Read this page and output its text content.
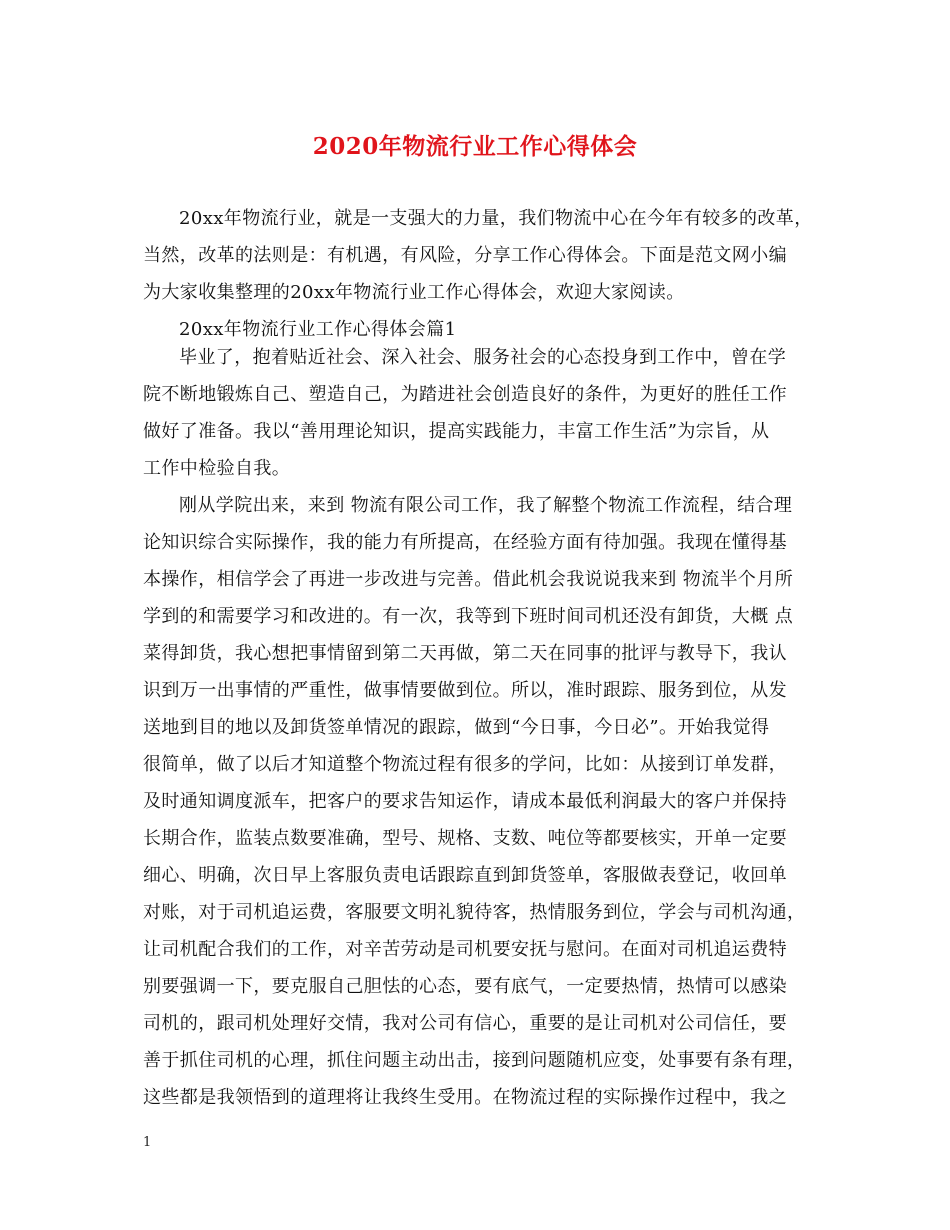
2020年物流行业工作心得体会
20xx年物流行业，就是一支强大的力量，我们物流中心在今年有较多的改革，
当然，改革的法则是：有机遇，有风险，分享工作心得体会。下面是范文网小编
为大家收集整理的20xx年物流行业工作心得体会，欢迎大家阅读。
20xx年物流行业工作心得体会篇1
毕业了，抱着贴近社会、深入社会、服务社会的心态投身到工作中，曾在学
院不断地锻炼自己、塑造自己，为踏进社会创造良好的条件，为更好的胜任工作
做好了准备。我以“善用理论知识，提高实践能力，丰富工作生活”为宗旨，从
工作中检验自我。
刚从学院出来，来到 物流有限公司工作，我了解整个物流工作流程，结合理
论知识综合实际操作，我的能力有所提高，在经验方面有待加强。我现在懂得基
本操作，相信学会了再进一步改进与完善。借此机会我说说我来到 物流半个月所
学到的和需要学习和改进的。有一次，我等到下班时间司机还没有卸货，大概 点
菜得卸货，我心想把事情留到第二天再做，第二天在同事的批评与教导下，我认
识到万一出事情的严重性，做事情要做到位。所以，准时跟踪、服务到位，从发
送地到目的地以及卸货签单情况的跟踪，做到“今日事，今日必”。开始我觉得
很简单，做了以后才知道整个物流过程有很多的学问，比如：从接到订单发群，
及时通知调度派车，把客户的要求告知运作，请成本最低利润最大的客户并保持
长期合作，监装点数要准确，型号、规格、支数、吨位等都要核实，开单一定要
细心、明确，次日早上客服负责电话跟踪直到卸货签单，客服做表登记，收回单
对账，对于司机追运费，客服要文明礼貌待客，热情服务到位，学会与司机沟通，
让司机配合我们的工作，对辛苦劳动是司机要安抚与慰问。在面对司机追运费特
别要强调一下，要克服自己胆怯的心态，要有底气，一定要热情，热情可以感染
司机的，跟司机处理好交情，我对公司有信心，重要的是让司机对公司信任，要
善于抓住司机的心理，抓住问题主动出击，接到问题随机应变，处事要有条有理，
这些都是我领悟到的道理将让我终生受用。在物流过程的实际操作过程中，我之
1
